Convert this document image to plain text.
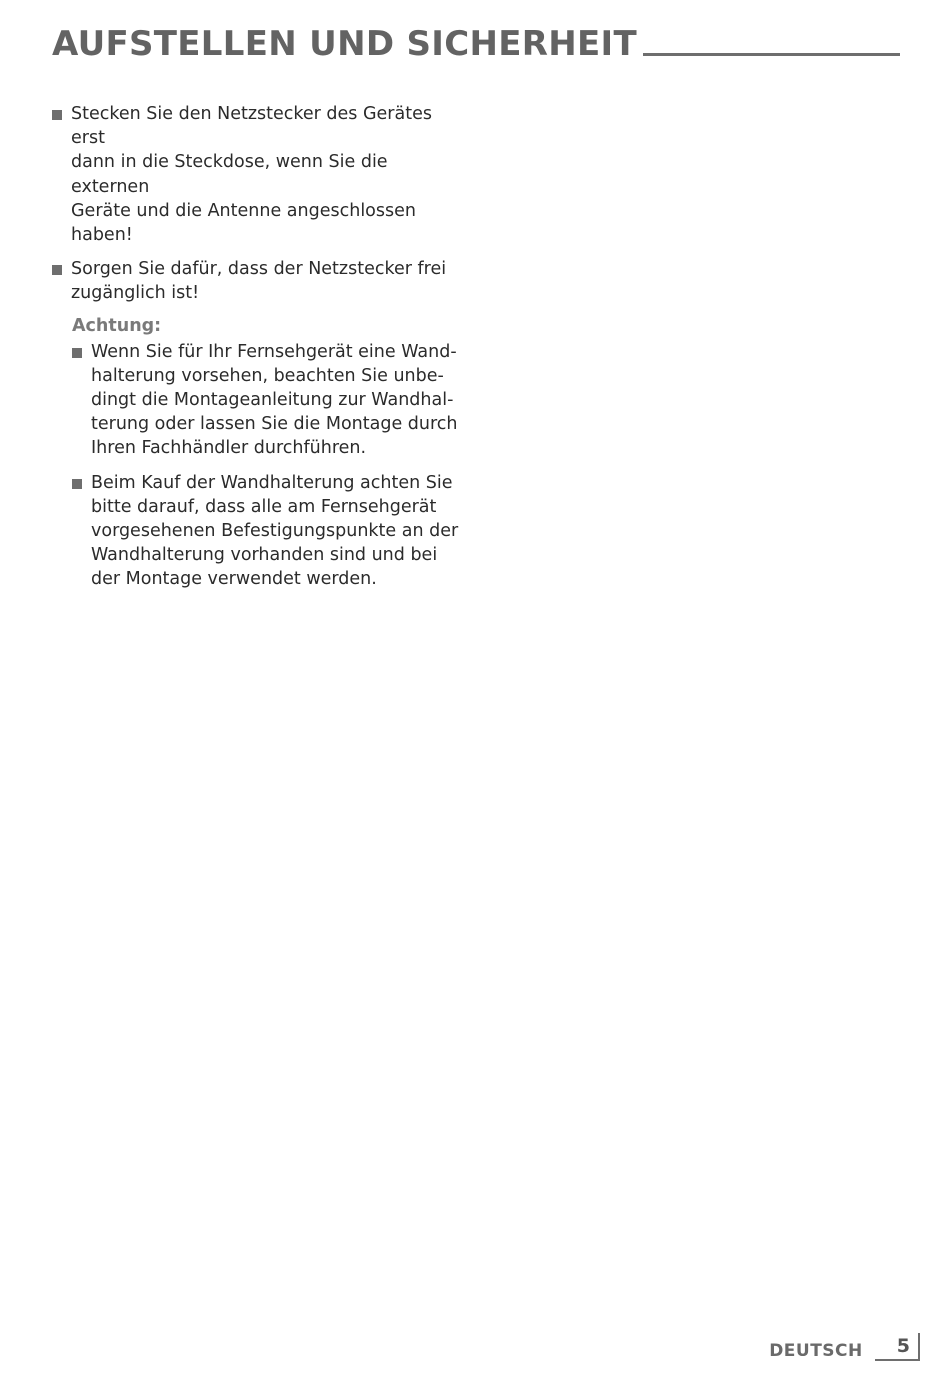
AUFSTELLEN UND SICHERHEIT
Stecken Sie den Netzstecker des Gerätes erst
dann in die Steckdose, wenn Sie die externen
Geräte und die Antenne angeschlossen
haben!
Sorgen Sie dafür, dass der Netzstecker frei
zugänglich ist!
Achtung:
Wenn Sie für Ihr Fernsehgerät eine Wand-
halterung vorsehen, beachten Sie unbe-
dingt die Montageanleitung zur Wandhal-
terung oder lassen Sie die Montage durch
Ihren Fachhändler durchführen.
Beim Kauf der Wandhalterung achten Sie
bitte darauf, dass alle am Fernsehgerät
vorgesehenen Befestigungspunkte an der
Wandhalterung vorhanden sind und bei
der Montage verwendet werden.
DEUTSCH	5
